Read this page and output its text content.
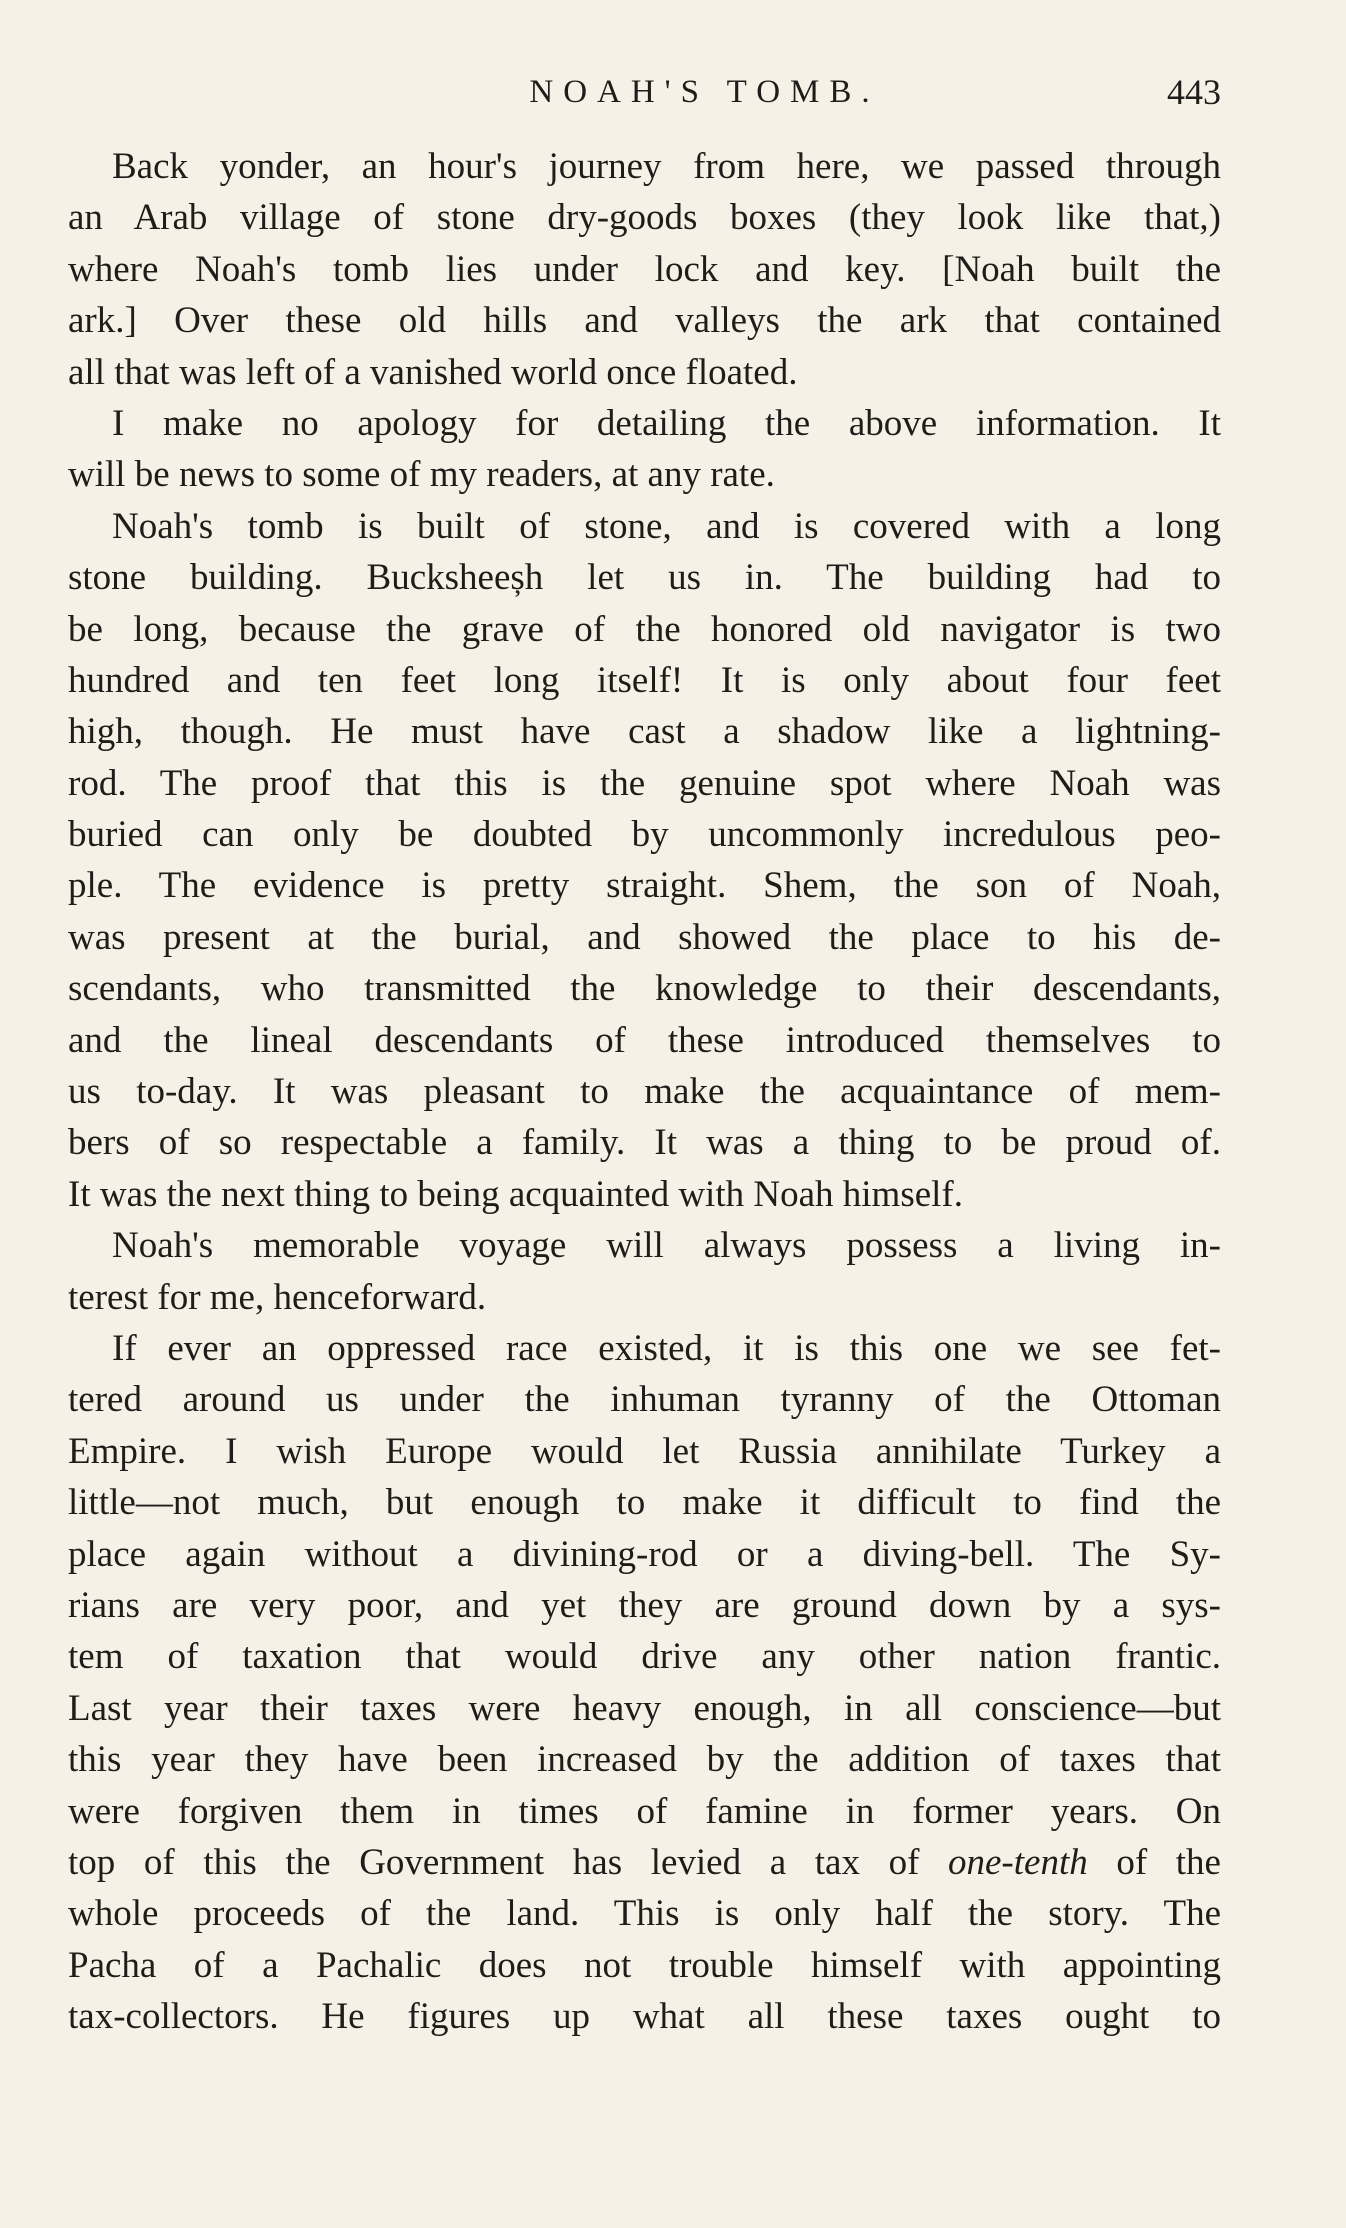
NOAH'S TOMB.	443
Back yonder, an hour's journey from here, we passed through
an Arab village of stone dry-goods boxes (they look like that,)
where Noah's tomb lies under lock and key. [Noah built the
ark.] Over these old hills and valleys the ark that contained
all that was left of a vanished world once floated.
I make no apology for detailing the above information. It
will be news to some of my readers, at any rate.
Noah's tomb is built of stone, and is covered with a long
stone building. Bucksheeșh let us in. The building had to
be long, because the grave of the honored old navigator is two
hundred and ten feet long itself! It is only about four feet
high, though. He must have cast a shadow like a lightning-
rod. The proof that this is the genuine spot where Noah was
buried can only be doubted by uncommonly incredulous peo-
ple. The evidence is pretty straight. Shem, the son of Noah,
was present at the burial, and showed the place to his de-
scendants, who transmitted the knowledge to their descendants,
and the lineal descendants of these introduced themselves to
us to-day. It was pleasant to make the acquaintance of mem-
bers of so respectable a family. It was a thing to be proud of.
It was the next thing to being acquainted with Noah himself.
Noah's memorable voyage will always possess a living in-
terest for me, henceforward.
If ever an oppressed race existed, it is this one we see fet-
tered around us under the inhuman tyranny of the Ottoman
Empire. I wish Europe would let Russia annihilate Turkey a
little—not much, but enough to make it difficult to find the
place again without a divining-rod or a diving-bell. The Sy-
rians are very poor, and yet they are ground down by a sys-
tem of taxation that would drive any other nation frantic.
Last year their taxes were heavy enough, in all conscience—but
this year they have been increased by the addition of taxes that
were forgiven them in times of famine in former years. On
top of this the Government has levied a tax of one-tenth of the
whole proceeds of the land. This is only half the story. The
Pacha of a Pachalic does not trouble himself with appointing
tax-collectors. He figures up what all these taxes ought to
